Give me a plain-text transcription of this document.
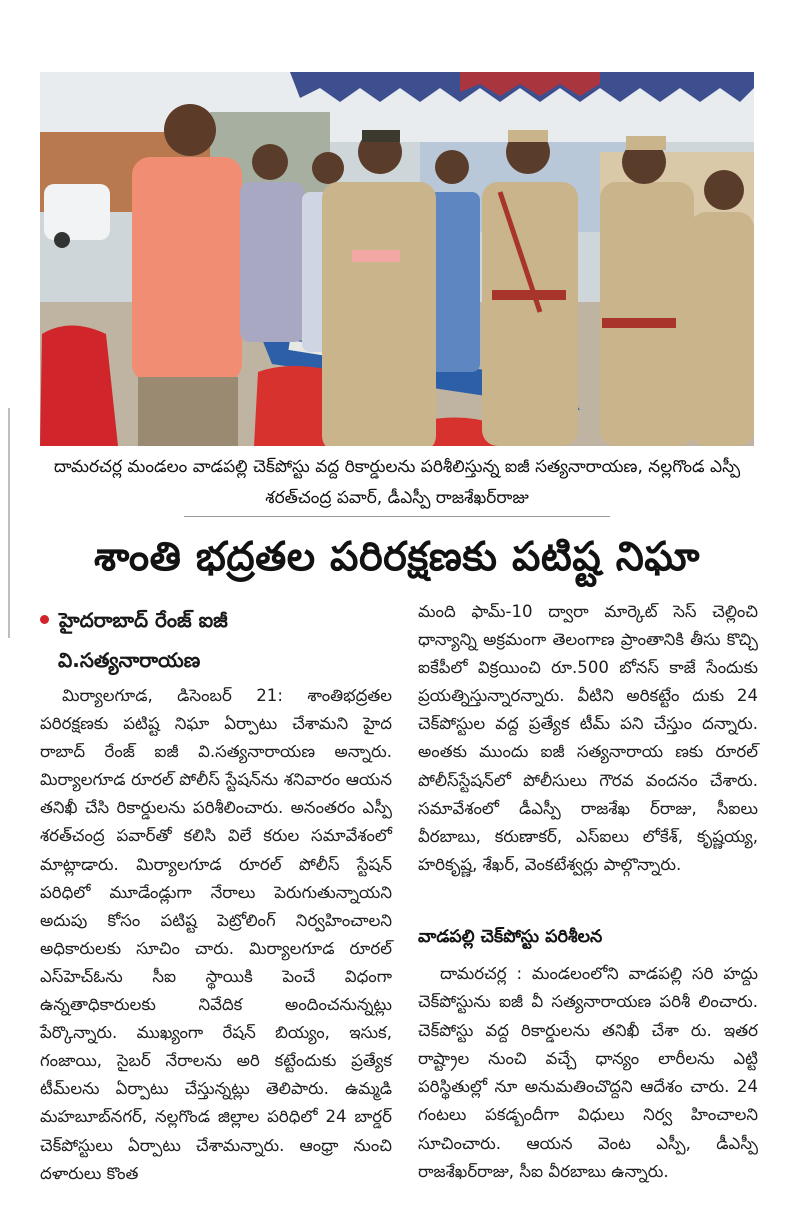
దామరచర్ల మండలం వాడపల్లి చెక్‌పోస్టు వద్ద రికార్డులను పరిశీలిస్తున్న ఐజీ సత్యనారాయణ, నల్లగొండ ఎస్పీ శరత్‌చంద్ర పవార్, డీఎస్పీ రాజశేఖర్‌రాజు
శాంతి భద్రతల పరిరక్షణకు పటిష్ట నిఘా
హైదరాబాద్ రేంజ్ ఐజీ
వి.సత్యనారాయణ

మిర్యాలగూడ, డిసెంబర్ 21: శాంతిభద్రతల పరిరక్షణకు పటిష్ట నిఘా ఏర్పాటు చేశామని హైద రాబాద్ రేంజ్ ఐజీ వి.సత్యనారాయణ అన్నారు. మిర్యాలగూడ రూరల్ పోలీస్ స్టేషన్‌ను శనివారం ఆయన తనిఖీ చేసి రికార్డులను పరిశీలించారు. అనంతరం ఎస్పీ శరత్‌చంద్ర పవార్‌తో కలిసి విలే కరుల సమావేశంలో మాట్లాడారు. మిర్యాలగూడ రూరల్ పోలీస్ స్టేషన్ పరిధిలో మూడేండ్లుగా నేరాలు పెరుగుతున్నాయని అదుపు కోసం పటిష్ట పెట్రోలింగ్ నిర్వహించాలని అధికారులకు సూచిం చారు. మిర్యాలగూడ రూరల్ ఎస్‌హెచ్‌ఓను సీఐ స్థాయికి పెంచే విధంగా ఉన్నతాధికారులకు నివేదిక అందించనున్నట్లు పేర్కొన్నారు. ముఖ్యంగా రేషన్ బియ్యం, ఇసుక, గంజాయి, సైబర్ నేరాలను అరి కట్టేందుకు ప్రత్యేక టీమ్‌లను ఏర్పాటు చేస్తున్నట్లు తెలిపారు. ఉమ్మడి మహబూబ్‌నగర్, నల్లగొండ జిల్లాల పరిధిలో 24 బార్డర్ చెక్‌పోస్టులు ఏర్పాటు చేశామన్నారు. ఆంధ్రా నుంచి దళారులు కొంత

మంది ఫామ్-10 ద్వారా మార్కెట్ సెస్ చెల్లించి ధాన్యాన్ని అక్రమంగా తెలంగాణ ప్రాంతానికి తీసు కొచ్చి ఐకేపీలో విక్రయించి రూ.500 బోనస్ కాజే సేందుకు ప్రయత్నిస్తున్నారన్నారు. వీటిని అరికట్టేం దుకు 24 చెక్‌పోస్టుల వద్ద ప్రత్యేక టీమ్ పని చేస్తుం దన్నారు. అంతకు ముందు ఐజీ సత్యనారాయ ణకు రూరల్ పోలీస్‌స్టేషన్‌లో పోలీసులు గౌరవ వందనం చేశారు. సమావేశంలో డీఎస్పీ రాజశేఖ ర్‌రాజు, సీఐలు వీరబాబు, కరుణాకర్, ఎస్ఐలు లోకేశ్, కృష్ణయ్య, హరికృష్ణ, శేఖర్, వెంకటేశ్వర్లు పాల్గొన్నారు.

వాడపల్లి చెక్‌పోస్టు పరిశీలన

దామరచర్ల : మండలంలోని వాడపల్లి సరి హద్దు చెక్‌పోస్టును ఐజీ వీ సత్యనారాయణ పరిశీ లించారు. చెక్‌పోస్టు వద్ద రికార్డులను తనిఖీ చేశా రు. ఇతర రాష్ట్రాల నుంచి వచ్చే ధాన్యం లారీలను ఎట్టి పరిస్థితుల్లో నూ అనుమతించొద్దని ఆదేశం చారు. 24 గంటలు పకడ్బందీగా విధులు నిర్వ హించాలని సూచించారు. ఆయన వెంట ఎస్పీ, డీఎస్పీ రాజశేఖర్‌రాజు, సీఐ వీరబాబు ఉన్నారు.
